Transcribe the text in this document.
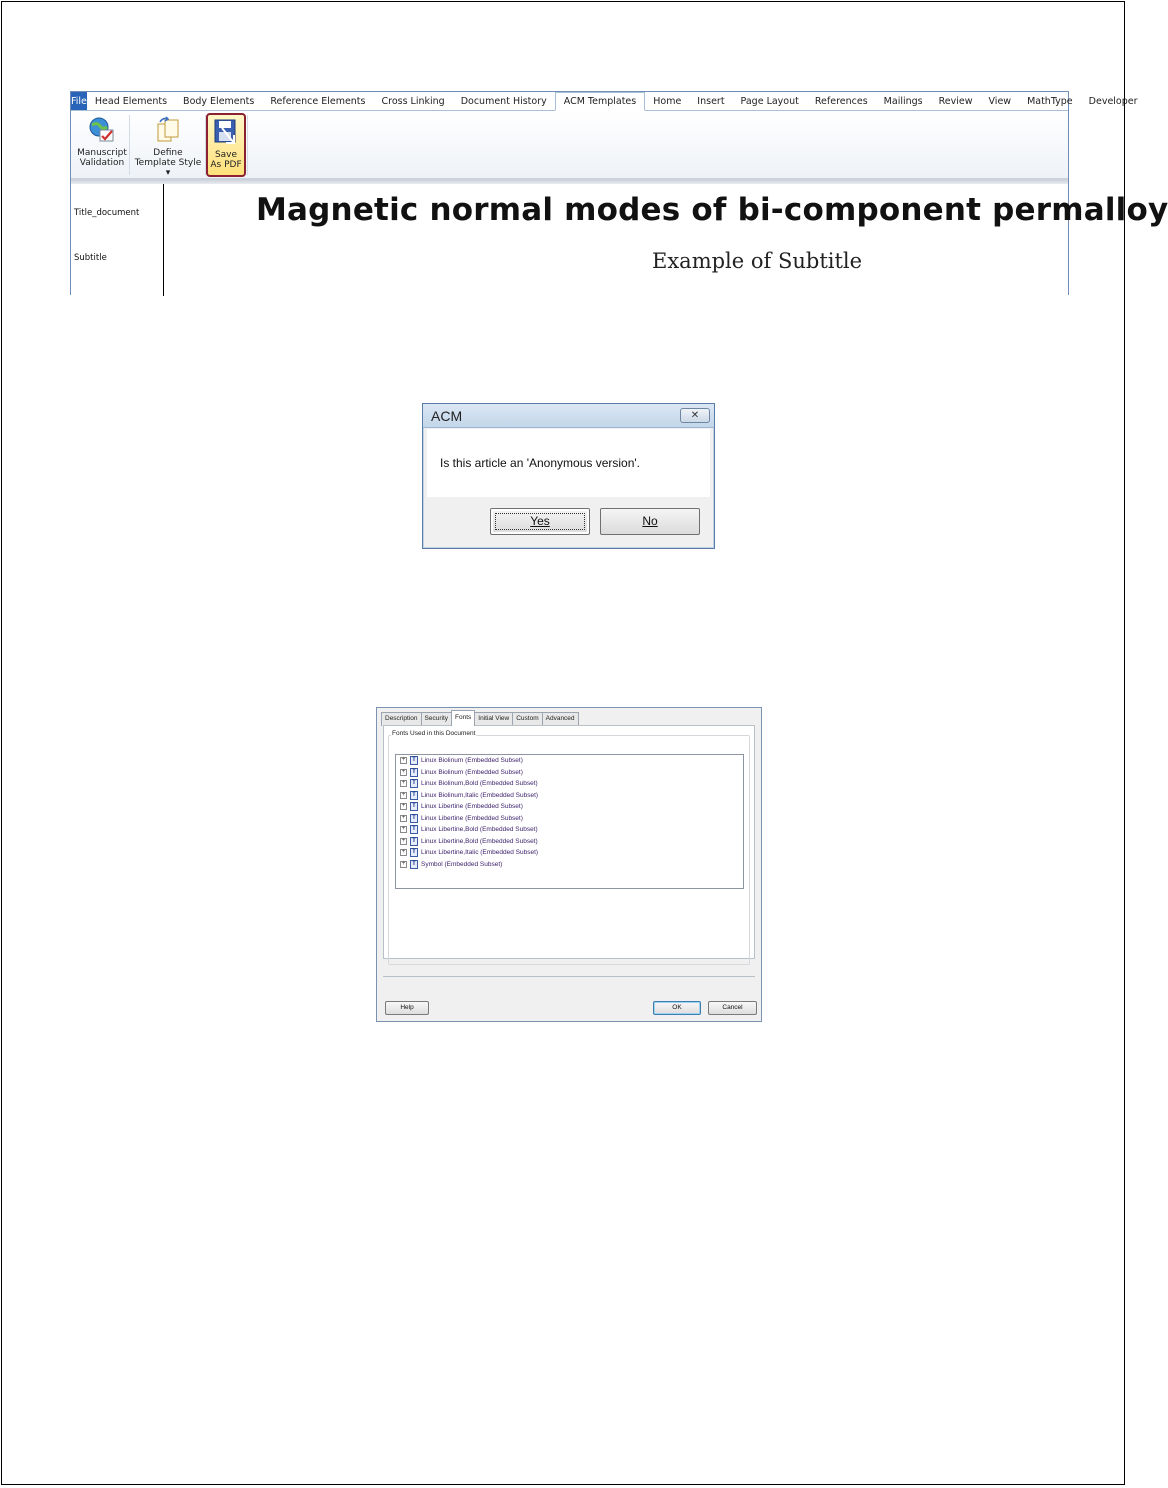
File Head Elements	Body Elements	Reference Elements	Cross Linking	Document History	ACM Templates	Home	Insert	Page Layout	References	Mailings	Review	View	MathType	Developer
Manuscript
Validation
Define
Template Style ▾
Save
As PDF
Title_document
Subtitle
Magnetic normal modes of bi-component permalloy
Example of Subtitle
ACM	✕
Is this article an 'Anonymous version'.
Yes	No
Description	Security	Fonts	Initial View	Custom	Advanced
Fonts Used in this Document
+	T Linux Biolinum (Embedded Subset)
+	T Linux Biolinum (Embedded Subset)
+	T Linux Biolinum,Bold (Embedded Subset)
+	T Linux Biolinum,Italic (Embedded Subset)
+	T Linux Libertine (Embedded Subset)
+	T Linux Libertine (Embedded Subset)
+	T Linux Libertine,Bold (Embedded Subset)
+	T Linux Libertine,Bold (Embedded Subset)
+	T Linux Libertine,Italic (Embedded Subset)
+	T Symbol (Embedded Subset)
Help	OK	Cancel
